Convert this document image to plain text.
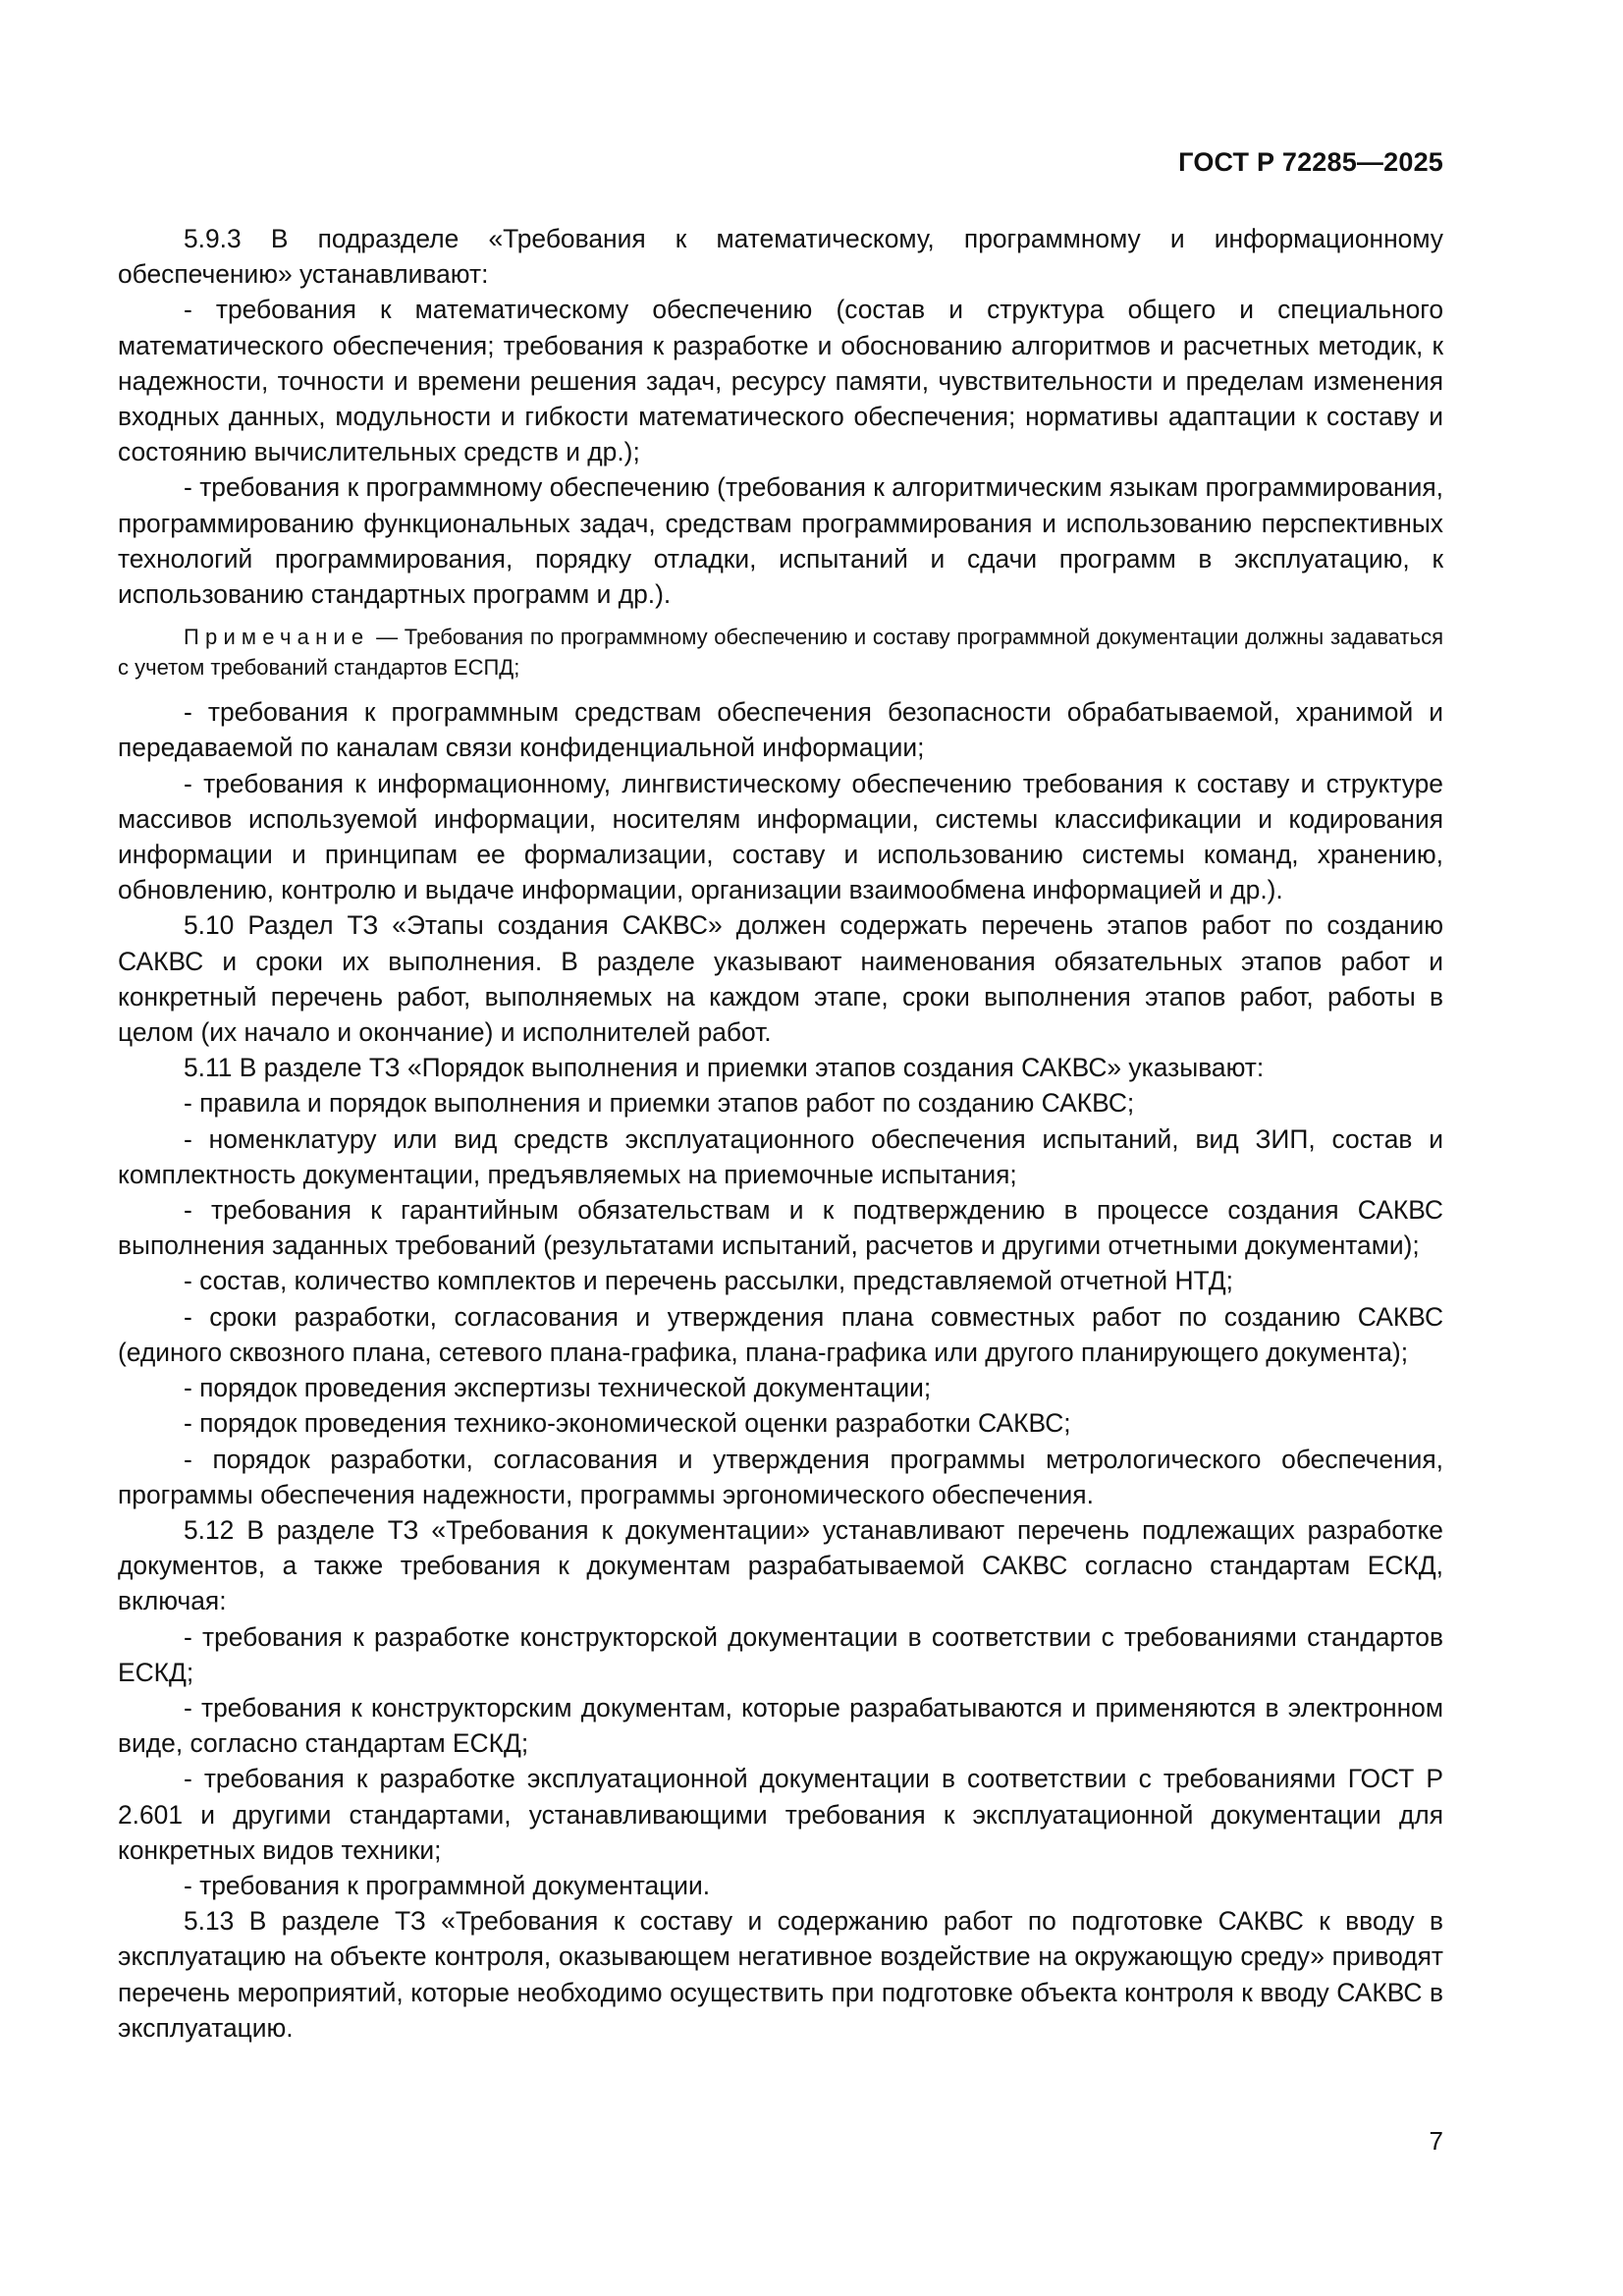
ГОСТ Р 72285—2025

5.9.3 В подразделе «Требования к математическому, программному и информационному обеспечению» устанавливают:

- требования к математическому обеспечению (состав и структура общего и специального математического обеспечения; требования к разработке и обоснованию алгоритмов и расчетных методик, к надежности, точности и времени решения задач, ресурсу памяти, чувствительности и пределам изменения входных данных, модульности и гибкости математического обеспечения; нормативы адаптации к составу и состоянию вычислительных средств и др.);

- требования к программному обеспечению (требования к алгоритмическим языкам программирования, программированию функциональных задач, средствам программирования и использованию перспективных технологий программирования, порядку отладки, испытаний и сдачи программ в эксплуатацию, к использованию стандартных программ и др.).

Примечание — Требования по программному обеспечению и составу программной документации должны задаваться с учетом требований стандартов ЕСПД;

- требования к программным средствам обеспечения безопасности обрабатываемой, хранимой и передаваемой по каналам связи конфиденциальной информации;

- требования к информационному, лингвистическому обеспечению требования к составу и структуре массивов используемой информации, носителям информации, системы классификации и кодирования информации и принципам ее формализации, составу и использованию системы команд, хранению, обновлению, контролю и выдаче информации, организации взаимообмена информацией и др.).

5.10 Раздел ТЗ «Этапы создания САКВС» должен содержать перечень этапов работ по созданию САКВС и сроки их выполнения. В разделе указывают наименования обязательных этапов работ и конкретный перечень работ, выполняемых на каждом этапе, сроки выполнения этапов работ, работы в целом (их начало и окончание) и исполнителей работ.

5.11 В разделе ТЗ «Порядок выполнения и приемки этапов создания САКВС» указывают:

- правила и порядок выполнения и приемки этапов работ по созданию САКВС;

- номенклатуру или вид средств эксплуатационного обеспечения испытаний, вид ЗИП, состав и комплектность документации, предъявляемых на приемочные испытания;

- требования к гарантийным обязательствам и к подтверждению в процессе создания САКВС выполнения заданных требований (результатами испытаний, расчетов и другими отчетными документами);

- состав, количество комплектов и перечень рассылки, представляемой отчетной НТД;

- сроки разработки, согласования и утверждения плана совместных работ по созданию САКВС (единого сквозного плана, сетевого плана-графика, плана-графика или другого планирующего документа);

- порядок проведения экспертизы технической документации;

- порядок проведения технико-экономической оценки разработки САКВС;

- порядок разработки, согласования и утверждения программы метрологического обеспечения, программы обеспечения надежности, программы эргономического обеспечения.

5.12 В разделе ТЗ «Требования к документации» устанавливают перечень подлежащих разработке документов, а также требования к документам разрабатываемой САКВС согласно стандартам ЕСКД, включая:

- требования к разработке конструкторской документации в соответствии с требованиями стандартов ЕСКД;

- требования к конструкторским документам, которые разрабатываются и применяются в электронном виде, согласно стандартам ЕСКД;

- требования к разработке эксплуатационной документации в соответствии с требованиями ГОСТ Р 2.601 и другими стандартами, устанавливающими требования к эксплуатационной документации для конкретных видов техники;

- требования к программной документации.

5.13 В разделе ТЗ «Требования к составу и содержанию работ по подготовке САКВС к вводу в эксплуатацию на объекте контроля, оказывающем негативное воздействие на окружающую среду» приводят перечень мероприятий, которые необходимо осуществить при подготовке объекта контроля к вводу САКВС в эксплуатацию.

7
